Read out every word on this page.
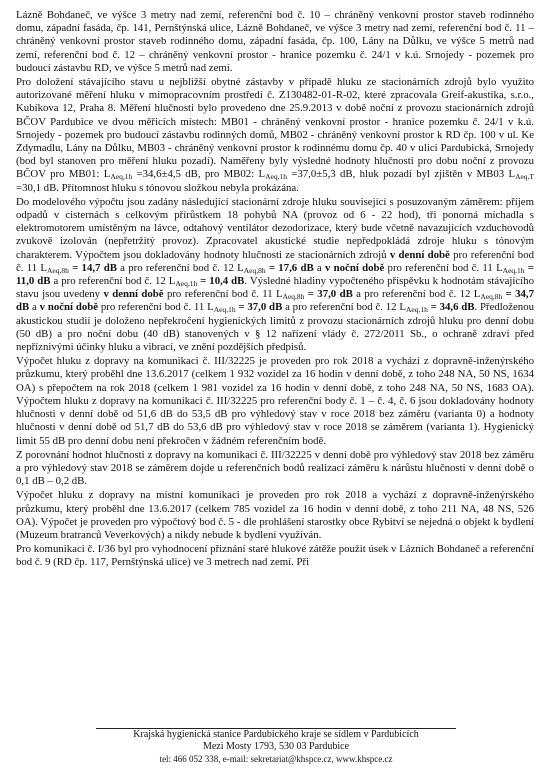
Lázně Bohdaneč, ve výšce 3 metry nad zemí, referenční bod č. 10 – chráněný venkovní prostor staveb rodinného domu, západní fasáda, čp. 141, Pernštýnská ulice, Lázně Bohdaneč, ve výšce 3 metry nad zemí, referenční bod č. 11 – chráněný venkovní prostor staveb rodinného domu, západní fasáda, čp. 100, Lány na Důlku, ve výšce 5 metrů nad zemí, referenční bod č. 12 – chráněný venkovní prostor - hranice pozemku č. 24/1 v k.ú. Srnojedy - pozemek pro budoucí zástavbu RD, ve výšce 5 metrů nad zemí.

Pro doložení stávajícího stavu u nejbližší obytné zástavby v případě hluku ze stacionárních zdrojů bylo využito autorizované měření hluku v mimopracovním prostředí č. Z130482-01-R-02, které zpracovala Greif-akustika, s.r.o., Kubíkova 12, Praha 8. Měření hlučnosti bylo provedeno dne 25.9.2013 v době noční z provozu stacionárních zdrojů BČOV Pardubice ve dvou měřicích místech: MB01 - chráněný venkovní prostor - hranice pozemku č. 24/1 v k.ú. Srnojedy - pozemek pro budoucí zástavbu rodinných domů, MB02 - chráněný venkovní prostor k RD čp. 100 v ul. Ke Zdymadlu, Lány na Důlku, MB03 - chráněný venkovní prostor k rodinnému domu čp. 40 v ulici Pardubická, Srnojedy (bod byl stanoven pro měření hluku pozadí). Naměřeny byly výsledné hodnoty hlučnosti pro dobu noční z provozu BČOV pro MB01: $L_{Aeq,1h} =34,6\pm 4,5$ dB, pro MB02: $L_{Aeq,1h} =37,0\pm 5,3$ dB, hluk pozadí byl zjištěn v MB03 $L_{Aeq,T} =30,1$ dB. Přítomnost hluku s tónovou složkou nebyla prokázána.

Do modelového výpočtu jsou zadány následující stacionární zdroje hluku související s posuzovaným záměrem: příjem odpadů v cisternách s celkovým přírůstkem 18 pohybů NA (provoz od 6 - 22 hod), tři ponorná míchadla s elektromotorem umístěným na lávce, odtahový ventilátor dezodorizace, který bude včetně navazujících vzduchovodů zvukově izolován (nepřetržitý provoz). Zpracovatel akustické studie nepředpokládá zdroje hluku s tónovým charakterem. Výpočtem jsou dokladovány hodnoty hlučnosti ze stacionárních zdrojů v denní době pro referenční bod č. 11 $L_{Aeq,8h} = 14,7$ dB a pro referenční bod č. 12 $L_{Aeq,8h} = 17,6$ dB a v noční době pro referenční bod č. 11 $L_{Aeq,1h} = 11,0$ dB a pro referenční bod č. 12 $L_{Aeq,1h} = 10,4$ dB. Výsledné hladiny vypočteného příspěvku k hodnotám stávajícího stavu jsou uvedeny v denní době pro referenční bod č. 11 $L_{Aeq,8h} = 37,0$ dB a pro referenční bod č. 12 $L_{Aeq,8h} = 34,7$ dB a v noční době pro referenční bod č. 11 $L_{Aeq,1h} = 37,0$ dB a pro referenční bod č. 12 $L_{Aeq,1h} = 34,6$ dB. Předloženou akustickou studií je doloženo nepřekročení hygienických limitů z provozu stacionárních zdrojů hluku pro denní dobu (50 dB) a pro noční dobu (40 dB) stanovených v § 12 nařízení vlády č. 272/2011 Sb., o ochraně zdraví před nepříznivými účinky hluku a vibrací, ve znění pozdějších předpisů.

Výpočet hluku z dopravy na komunikaci č. III/32225 je proveden pro rok 2018 a vychází z dopravně-inženýrského průzkumu, který proběhl dne 13.6.2017 (celkem 1 932 vozidel za 16 hodin v denní době, z toho 248 NA, 50 NS, 1634 OA) s přepočtem na rok 2018 (celkem 1 981 vozidel za 16 hodin v denní době, z toho 248 NA, 50 NS, 1683 OA). Výpočtem hluku z dopravy na komunikaci č. III/32225 pro referenční body č. 1 – č. 4, č. 6 jsou dokladovány hodnoty hlučnosti v denní době od 51,6 dB do 53,5 dB pro výhledový stav v roce 2018 bez záměru (varianta 0) a hodnoty hlučnosti v denní době od 51,7 dB do 53,6 dB pro výhledový stav v roce 2018 se záměrem (varianta 1). Hygienický limit 55 dB pro denní dobu není překročen v žádném referenčním bodě.

Z porovnání hodnot hlučnosti z dopravy na komunikaci č. III/32225 v denní době pro výhledový stav 2018 bez záměru a pro výhledový stav 2018 se záměrem dojde u referenčních bodů realizací záměru k nárůstu hlučnosti v denní době o 0,1 dB – 0,2 dB.

Výpočet hluku z dopravy na místní komunikaci je proveden pro rok 2018 a vychází z dopravně-inženýrského průzkumu, který proběhl dne 13.6.2017 (celkem 785 vozidel za 16 hodin v denní době, z toho 211 NA, 48 NS, 526 OA). Výpočet je proveden pro výpočtový bod č. 5 - dle prohlášení starostky obce Rybitví se nejedná o objekt k bydlení (Muzeum bratranců Veverkových) a nikdy nebude k bydlení využíván.

Pro komunikaci č. I/36 byl pro vyhodnocení přiznání staré hlukové zátěže použit úsek v Lázních Bohdaneč a referenční bod č. 9 (RD čp. 117, Pernštýnská ulice) ve 3 metrech nad zemí. Při

Krajská hygienická stanice Pardubického kraje se sídlem v Pardubicích
Mezi Mosty 1793, 530 03 Pardubice
tel: 466 052 338, e-mail: sekretariat@khspce.cz, www.khspce.cz
